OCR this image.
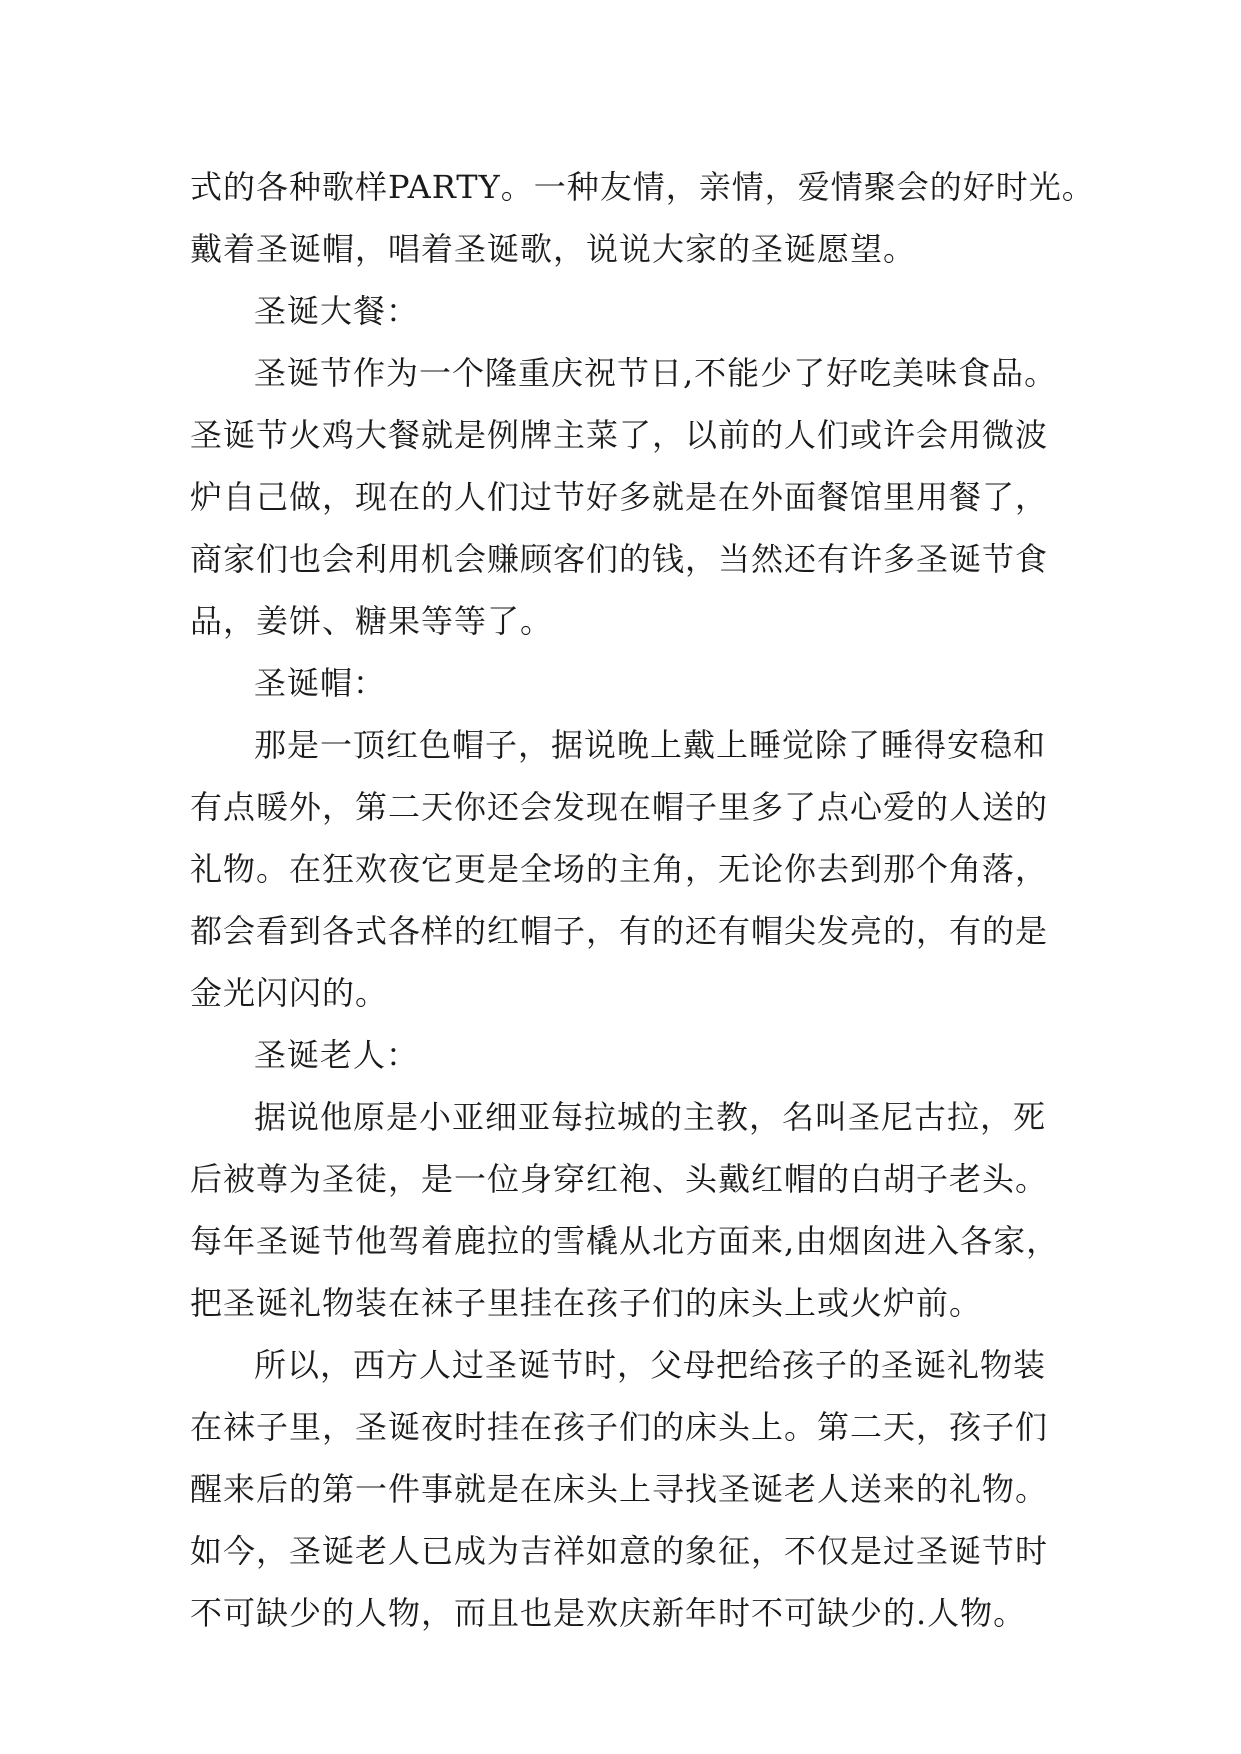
式的各种歌样PARTY。一种友情，亲情，爱情聚会的好时光。
戴着圣诞帽，唱着圣诞歌，说说大家的圣诞愿望。
圣诞大餐：
圣诞节作为一个隆重庆祝节日,不能少了好吃美味食品。
圣诞节火鸡大餐就是例牌主菜了，以前的人们或许会用微波
炉自己做，现在的人们过节好多就是在外面餐馆里用餐了，
商家们也会利用机会赚顾客们的钱，当然还有许多圣诞节食
品，姜饼、糖果等等了。
圣诞帽：
那是一顶红色帽子，据说晚上戴上睡觉除了睡得安稳和
有点暖外，第二天你还会发现在帽子里多了点心爱的人送的
礼物。在狂欢夜它更是全场的主角，无论你去到那个角落，
都会看到各式各样的红帽子，有的还有帽尖发亮的，有的是
金光闪闪的。
圣诞老人：
据说他原是小亚细亚每拉城的主教，名叫圣尼古拉，死
后被尊为圣徒，是一位身穿红袍、头戴红帽的白胡子老头。
每年圣诞节他驾着鹿拉的雪橇从北方面来,由烟囱进入各家，
把圣诞礼物装在袜子里挂在孩子们的床头上或火炉前。
所以，西方人过圣诞节时，父母把给孩子的圣诞礼物装
在袜子里，圣诞夜时挂在孩子们的床头上。第二天，孩子们
醒来后的第一件事就是在床头上寻找圣诞老人送来的礼物。
如今，圣诞老人已成为吉祥如意的象征，不仅是过圣诞节时
不可缺少的人物，而且也是欢庆新年时不可缺少的.人物。
